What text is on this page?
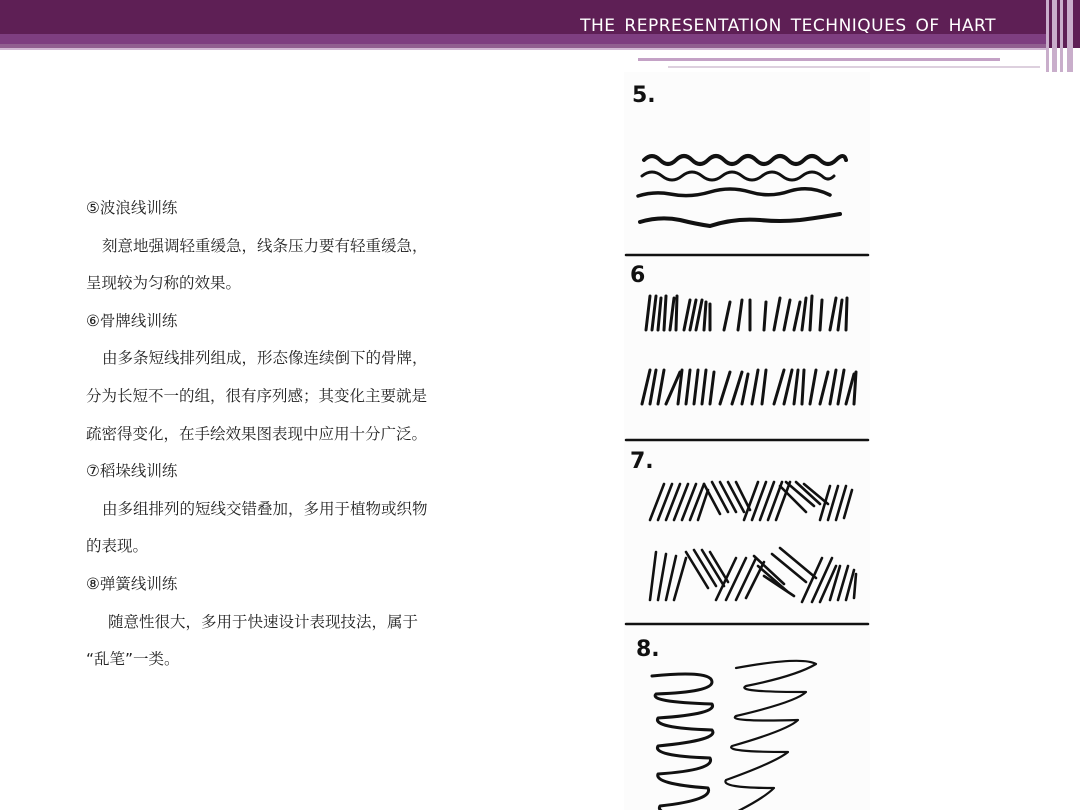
THE REPRESENTATION TECHNIQUES OF HART

⑤波浪线训练

刻意地强调轻重缓急，线条压力要有轻重缓急，

呈现较为匀称的效果。

⑥骨牌线训练

由多条短线排列组成，形态像连续倒下的骨牌，

分为长短不一的组，很有序列感；其变化主要就是

疏密得变化，在手绘效果图表现中应用十分广泛。

⑦稻垛线训练

由多组排列的短线交错叠加，多用于植物或织物

的表现。

⑧弹簧线训练

随意性很大，多用于快速设计表现技法，属于

“乱笔”一类。

5.
6
7.
8.
